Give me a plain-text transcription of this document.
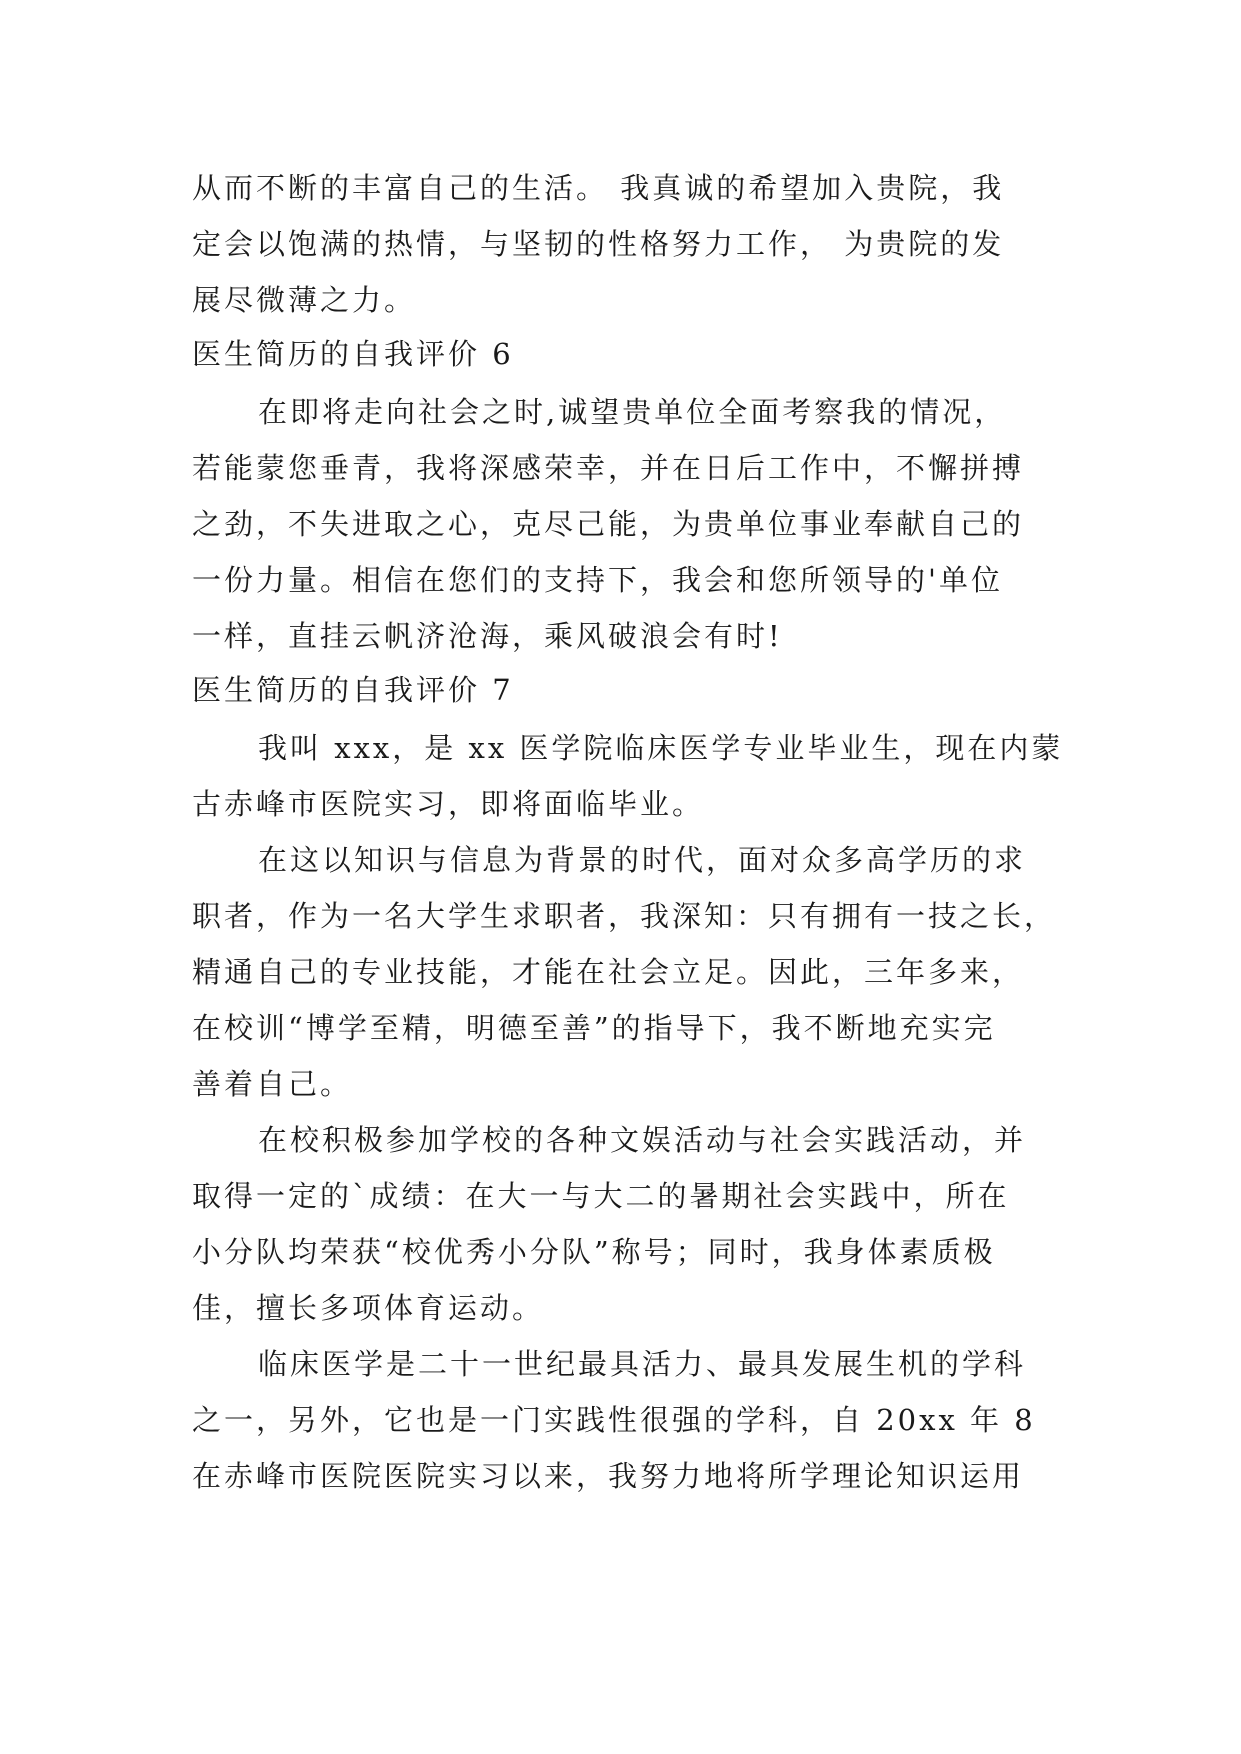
从而不断的丰富自己的生活。 我真诚的希望加入贵院，我
定会以饱满的热情，与坚韧的性格努力工作， 为贵院的发
展尽微薄之力。
医生简历的自我评价 6
在即将走向社会之时,诚望贵单位全面考察我的情况，
若能蒙您垂青，我将深感荣幸，并在日后工作中，不懈拼搏
之劲，不失进取之心，克尽己能，为贵单位事业奉献自己的
一份力量。相信在您们的支持下，我会和您所领导的'单位
一样，直挂云帆济沧海，乘风破浪会有时!
医生简历的自我评价 7
我叫 xxx，是 xx 医学院临床医学专业毕业生，现在内蒙
古赤峰市医院实习，即将面临毕业。
在这以知识与信息为背景的时代，面对众多高学历的求
职者，作为一名大学生求职者，我深知：只有拥有一技之长，
精通自己的专业技能，才能在社会立足。因此，三年多来，
在校训“博学至精，明德至善”的指导下，我不断地充实完
善着自己。
在校积极参加学校的各种文娱活动与社会实践活动，并
取得一定的`成绩：在大一与大二的暑期社会实践中，所在
小分队均荣获“校优秀小分队”称号；同时，我身体素质极
佳，擅长多项体育运动。
临床医学是二十一世纪最具活力、最具发展生机的学科
之一，另外，它也是一门实践性很强的学科，自 20xx 年 8
在赤峰市医院医院实习以来，我努力地将所学理论知识运用
